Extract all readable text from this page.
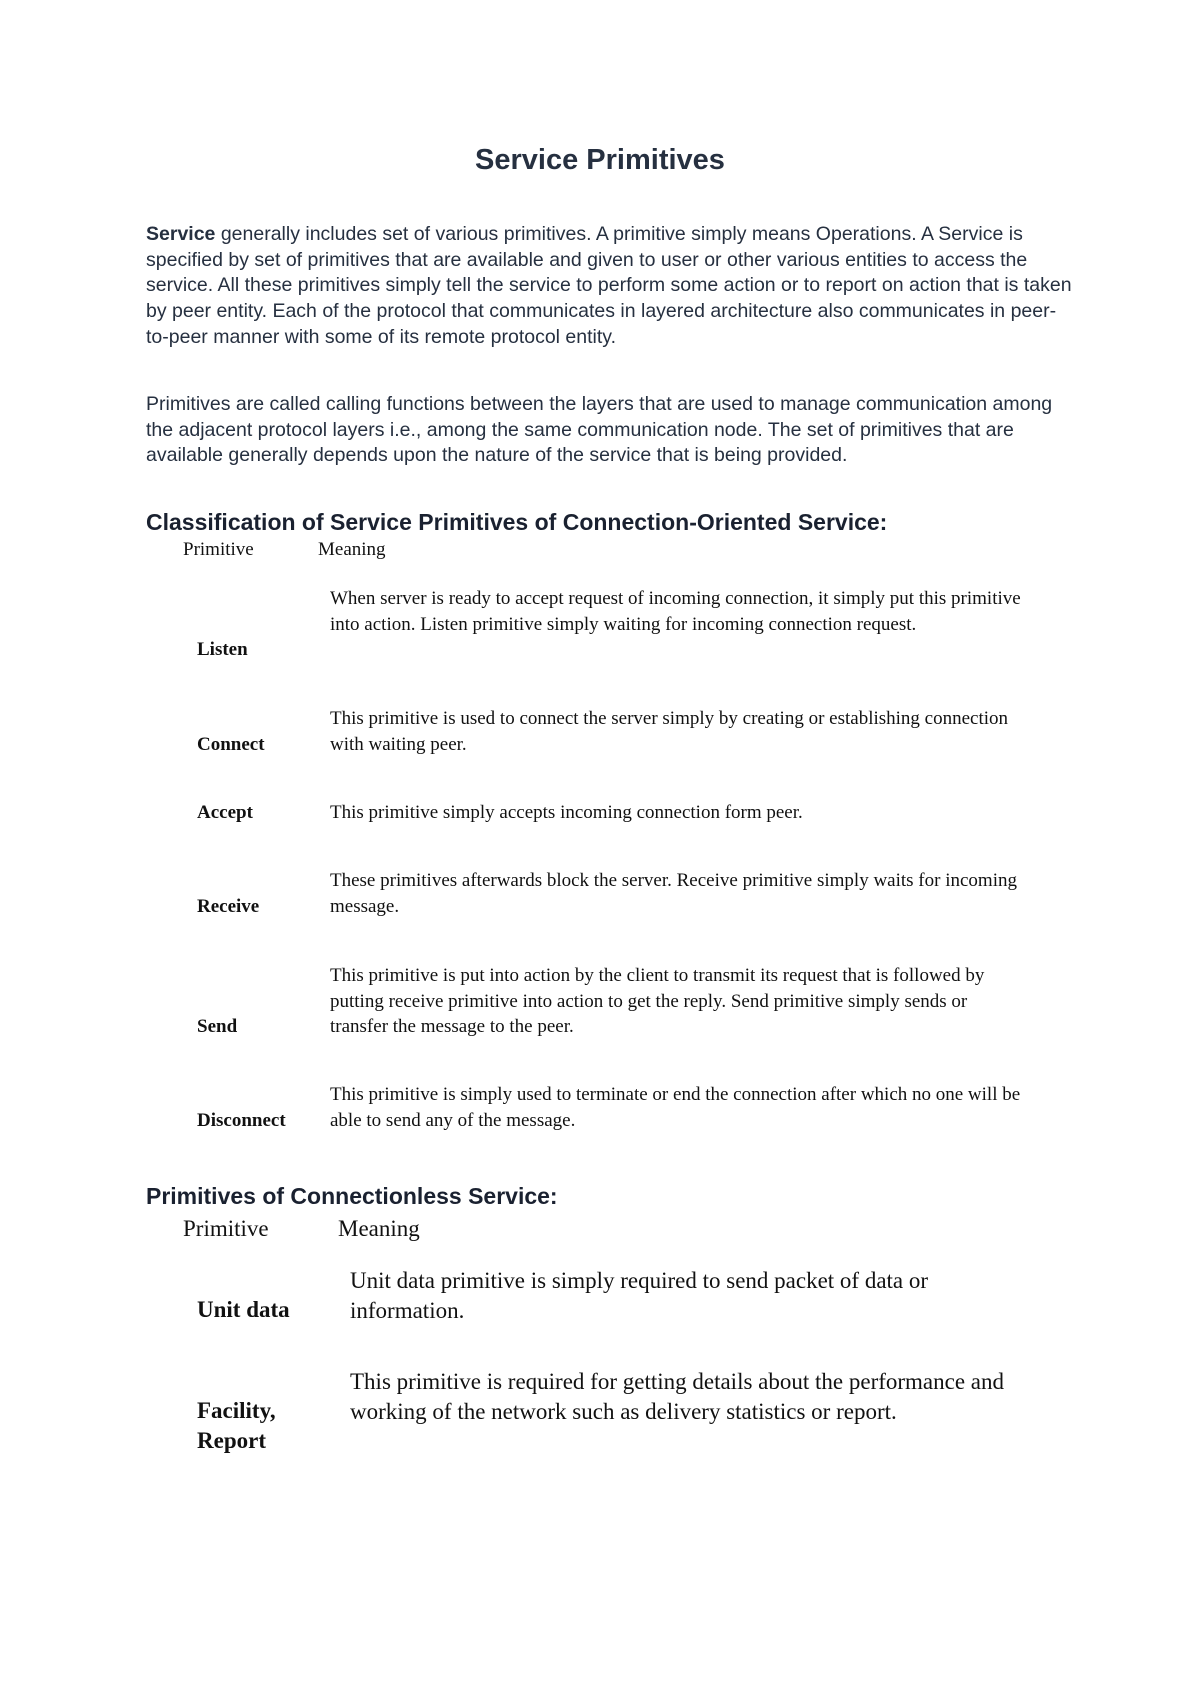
Service Primitives

Service generally includes set of various primitives. A primitive simply means Operations. A Service is specified by set of primitives that are available and given to user or other various entities to access the service. All these primitives simply tell the service to perform some action or to report on action that is taken by peer entity. Each of the protocol that communicates in layered architecture also communicates in peer-to-peer manner with some of its remote protocol entity.

Primitives are called calling functions between the layers that are used to manage communication among the adjacent protocol layers i.e., among the same communication node. The set of primitives that are available generally depends upon the nature of the service that is being provided.

Classification of Service Primitives of Connection-Oriented Service:
Primitive	Meaning

When server is ready to accept request of incoming connection, it simply put this primitive into action. Listen primitive simply waiting for incoming connection request.

Listen

This primitive is used to connect the server simply by creating or establishing connection with waiting peer.

Connect

This primitive simply accepts incoming connection form peer.

Accept

These primitives afterwards block the server. Receive primitive simply waits for incoming message.

Receive

This primitive is put into action by the client to transmit its request that is followed by putting receive primitive into action to get the reply. Send primitive simply sends or transfer the message to the peer.

Send

This primitive is simply used to terminate or end the connection after which no one will be able to send any of the message.

Disconnect

Primitives of Connectionless Service:
Primitive	Meaning

Unit data primitive is simply required to send packet of data or information.

Unit data

This primitive is required for getting details about the performance and working of the network such as delivery statistics or report.

Facility, Report
